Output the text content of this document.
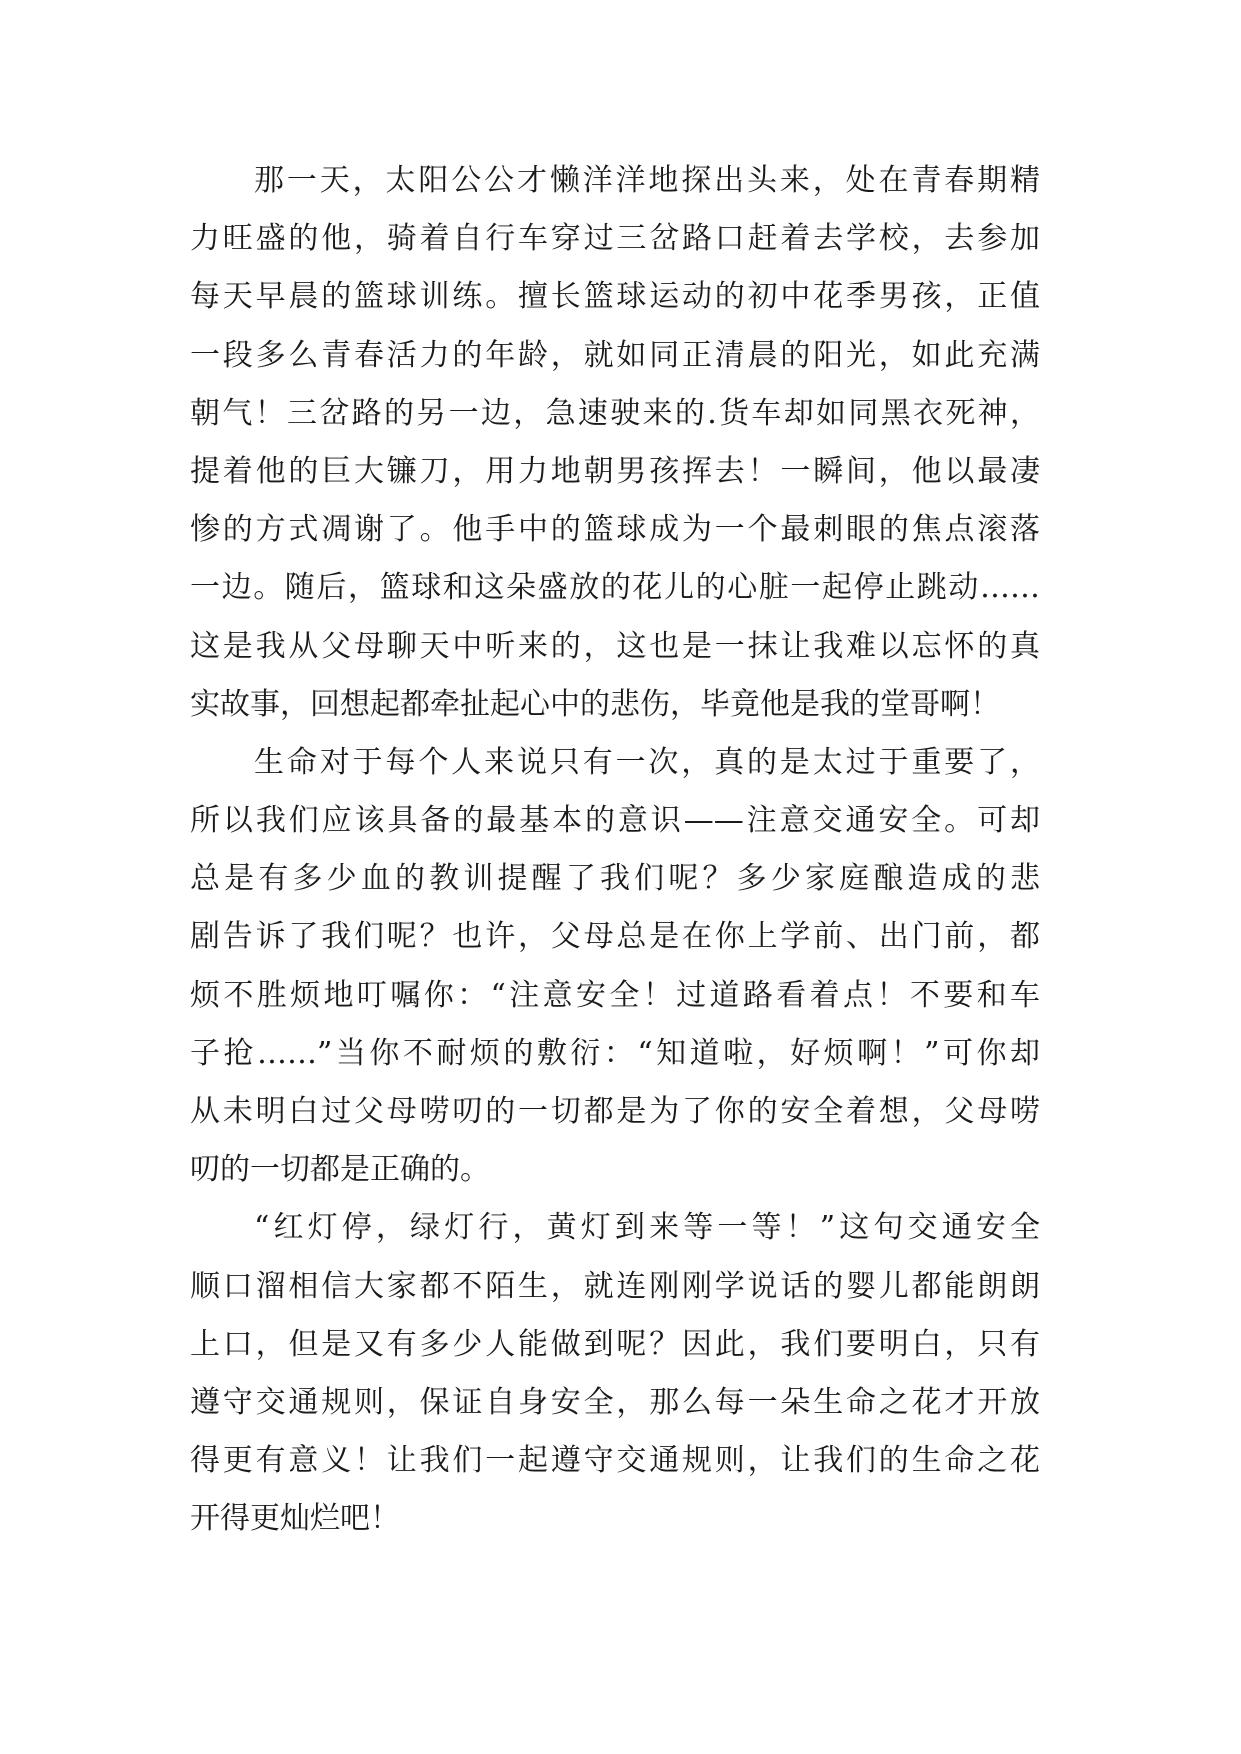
那一天，太阳公公才懒洋洋地探出头来，处在青春期精
力旺盛的他，骑着自行车穿过三岔路口赶着去学校，去参加
每天早晨的篮球训练。擅长篮球运动的初中花季男孩，正值
一段多么青春活力的年龄，就如同正清晨的阳光，如此充满
朝气！三岔路的另一边，急速驶来的.货车却如同黑衣死神，
提着他的巨大镰刀，用力地朝男孩挥去！一瞬间，他以最凄
惨的方式凋谢了。他手中的篮球成为一个最刺眼的焦点滚落
一边。随后，篮球和这朵盛放的花儿的心脏一起停止跳动……
这是我从父母聊天中听来的，这也是一抹让我难以忘怀的真
实故事，回想起都牵扯起心中的悲伤，毕竟他是我的堂哥啊！
生命对于每个人来说只有一次，真的是太过于重要了，
所以我们应该具备的最基本的意识——注意交通安全。可却
总是有多少血的教训提醒了我们呢？多少家庭酿造成的悲
剧告诉了我们呢？也许，父母总是在你上学前、出门前，都
烦不胜烦地叮嘱你：“注意安全！过道路看着点！不要和车
子抢……”当你不耐烦的敷衍：“知道啦，好烦啊！”可你却
从未明白过父母唠叨的一切都是为了你的安全着想，父母唠
叨的一切都是正确的。
“红灯停，绿灯行，黄灯到来等一等！”这句交通安全
顺口溜相信大家都不陌生，就连刚刚学说话的婴儿都能朗朗
上口，但是又有多少人能做到呢？因此，我们要明白，只有
遵守交通规则，保证自身安全，那么每一朵生命之花才开放
得更有意义！让我们一起遵守交通规则，让我们的生命之花
开得更灿烂吧！
